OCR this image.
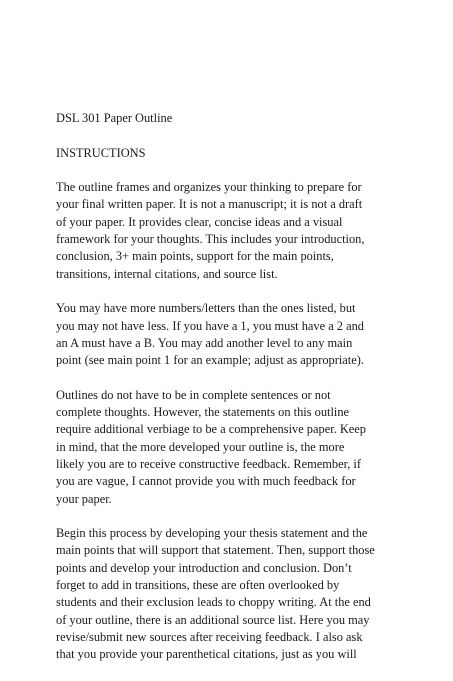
DSL 301 Paper Outline

INSTRUCTIONS

The outline frames and organizes your thinking to prepare for
your final written paper. It is not a manuscript; it is not a draft
of your paper. It provides clear, concise ideas and a visual
framework for your thoughts. This includes your introduction,
conclusion, 3+ main points, support for the main points,
transitions, internal citations, and source list.

You may have more numbers/letters than the ones listed, but
you may not have less. If you have a 1, you must have a 2 and
an A must have a B. You may add another level to any main
point (see main point 1 for an example; adjust as appropriate).

Outlines do not have to be in complete sentences or not
complete thoughts. However, the statements on this outline
require additional verbiage to be a comprehensive paper. Keep
in mind, that the more developed your outline is, the more
likely you are to receive constructive feedback. Remember, if
you are vague, I cannot provide you with much feedback for
your paper.

Begin this process by developing your thesis statement and the
main points that will support that statement. Then, support those
points and develop your introduction and conclusion. Don’t
forget to add in transitions, these are often overlooked by
students and their exclusion leads to choppy writing. At the end
of your outline, there is an additional source list. Here you may
revise/submit new sources after receiving feedback. I also ask
that you provide your parenthetical citations, just as you will
